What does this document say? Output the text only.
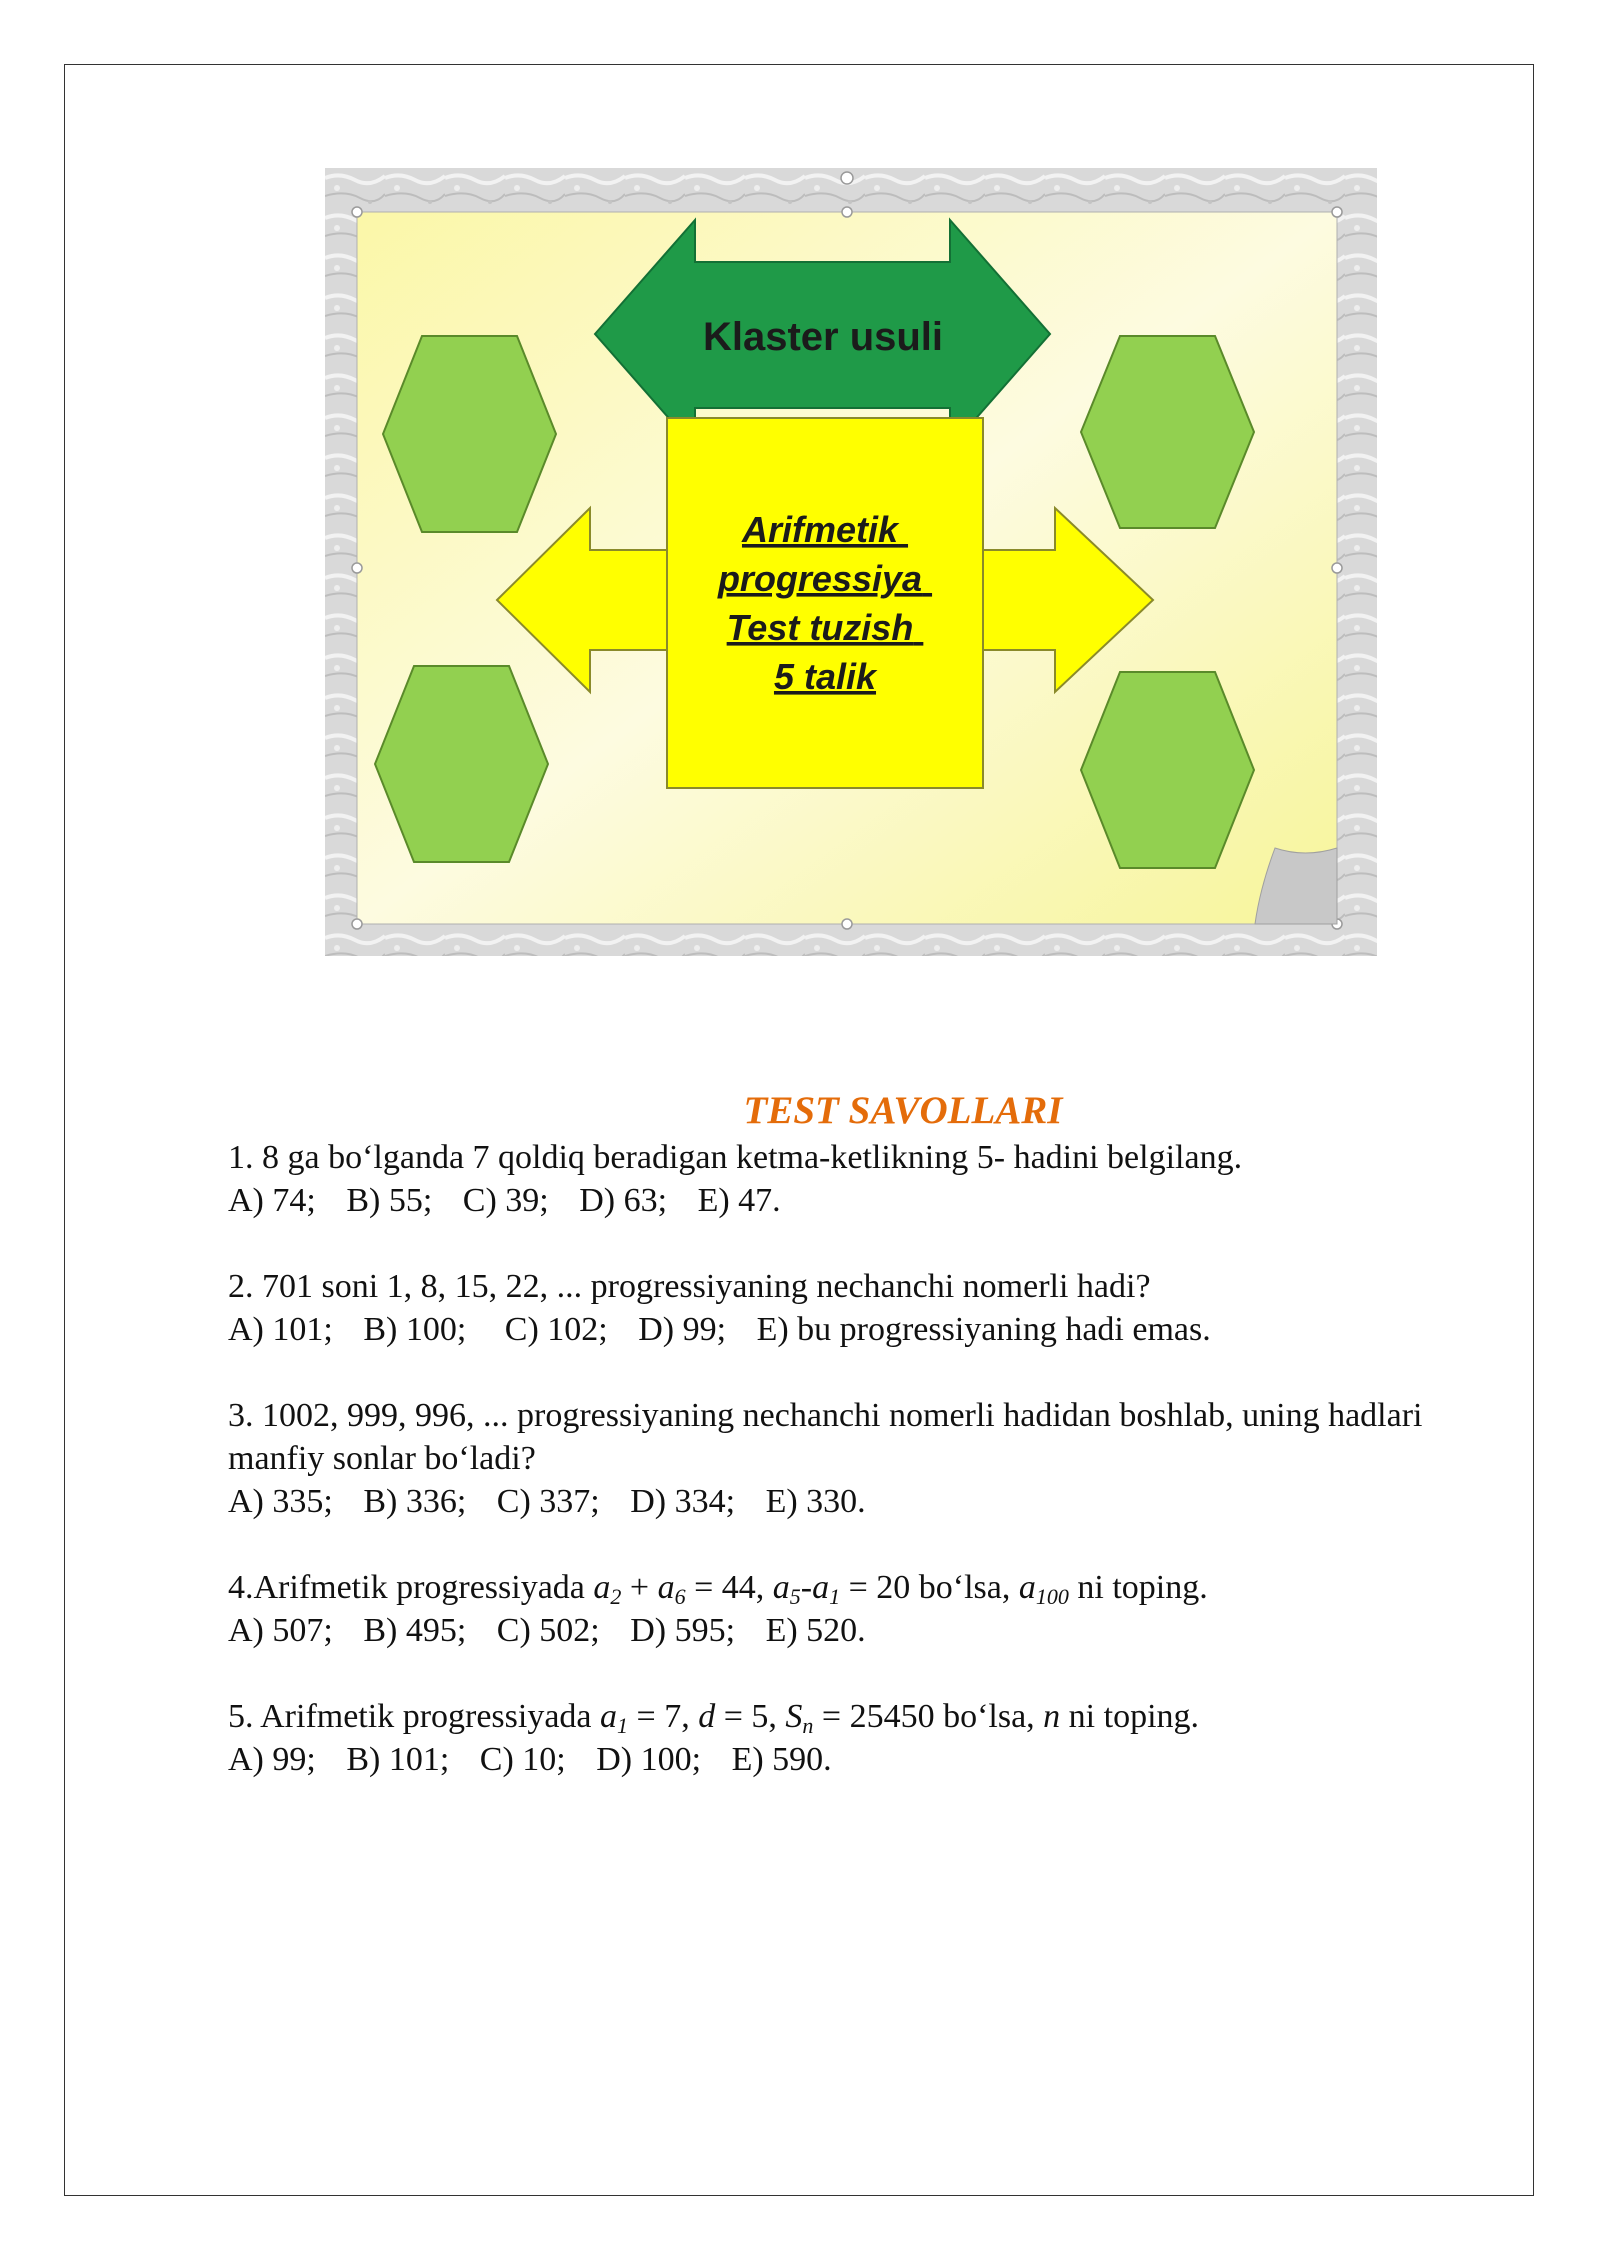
Klaster usuli
Arifmetik progressiya Test tuzish 5 talik
TEST SAVOLLARI
1. 8 ga bo‘lganda 7 qoldiq beradigan ketma-ketlikning 5- hadini belgilang.
A) 74; B) 55; C) 39; D) 63; E) 47.
2. 701 soni 1, 8, 15, 22, ... progressiyaning nechanchi nomerli hadi?
A) 101; B) 100; C) 102; D) 99; E) bu progressiyaning hadi emas.
3. 1002, 999, 996, ... progressiyaning nechanchi nomerli hadidan boshlab, uning hadlari manfiy sonlar bo‘ladi?
A) 335; B) 336; C) 337; D) 334; E) 330.
4.Arifmetik progressiyada $a_2 + a_6 = 44$, $a_5-a_1 = 20$ bo‘lsa, $a_{100}$ ni toping.
A) 507; B) 495; C) 502; D) 595; E) 520.
5. Arifmetik progressiyada $a_1 = 7$, d = 5, $S_n = 25450$ bo‘lsa, n ni toping.
A) 99; B) 101; C) 10; D) 100; E) 590.
